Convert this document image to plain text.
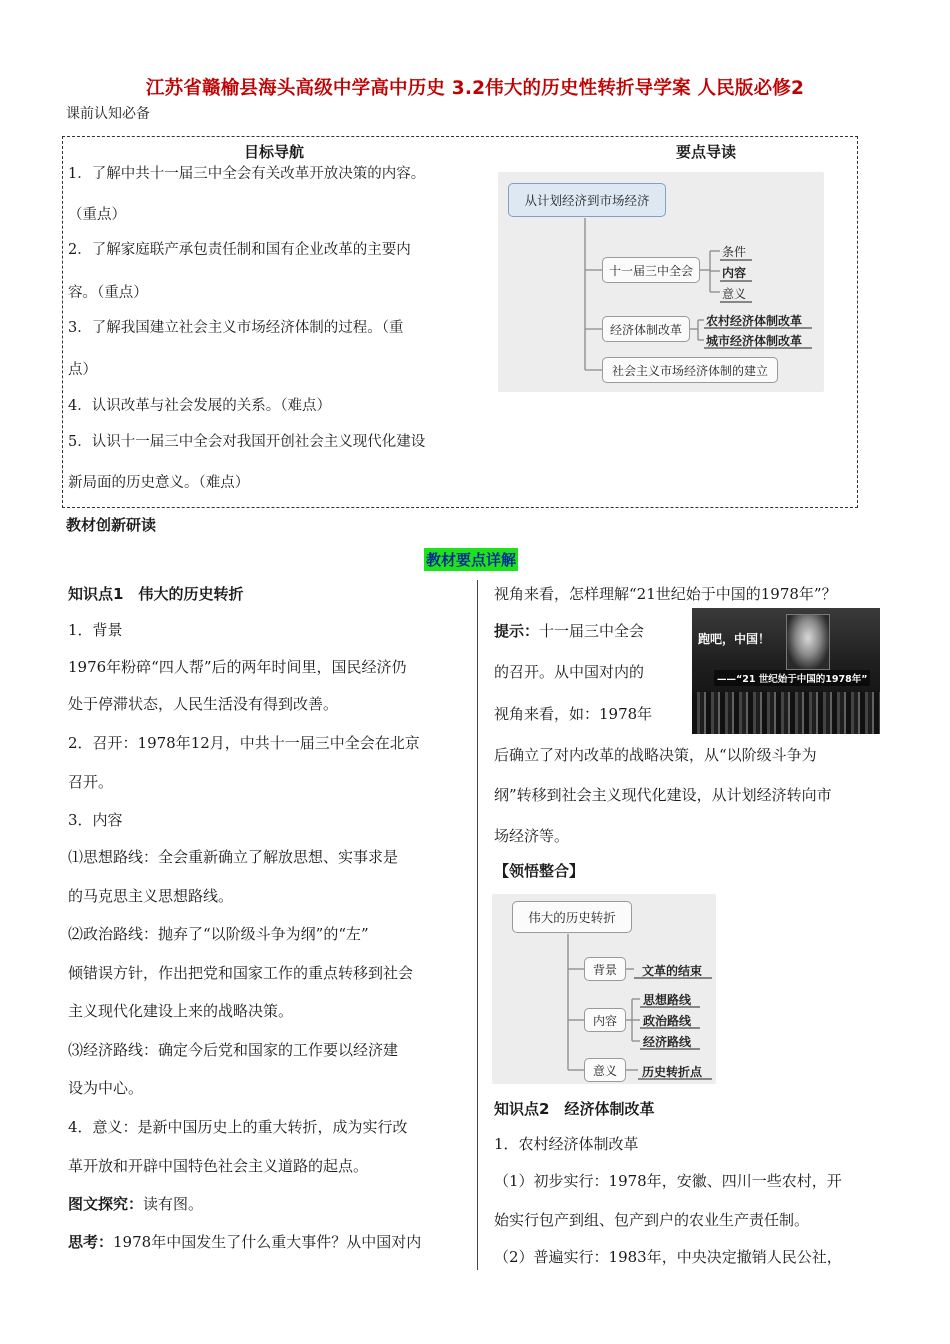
江苏省赣榆县海头高级中学高中历史 3.2伟大的历史性转折导学案 人民版必修2
课前认知必备
目标导航	要点导读
1．了解中共十一届三中全会有关改革开放决策的内容。
（重点）
2．了解家庭联产承包责任制和国有企业改革的主要内
容。（重点）
3．了解我国建立社会主义市场经济体制的过程。（重
点）
4．认识改革与社会发展的关系。（难点）
5．认识十一届三中全会对我国开创社会主义现代化建设
新局面的历史意义。（难点）
从计划经济到市场经济
十一届三中全会
条件
内容
意义
经济体制改革
农村经济体制改革
城市经济体制改革
社会主义市场经济体制的建立
教材创新研读
教材要点详解
知识点1　伟大的历史转折
1．背景
1976年粉碎“四人帮”后的两年时间里，国民经济仍
处于停滞状态，人民生活没有得到改善。
2．召开：1978年12月，中共十一届三中全会在北京
召开。
3．内容
⑴思想路线：全会重新确立了解放思想、实事求是
的马克思主义思想路线。
⑵政治路线：抛弃了“以阶级斗争为纲”的“左”
倾错误方针，作出把党和国家工作的重点转移到社会
主义现代化建设上来的战略决策。
⑶经济路线：确定今后党和国家的工作要以经济建
设为中心。
4．意义：是新中国历史上的重大转折，成为实行改
革开放和开辟中国特色社会主义道路的起点。
图文探究：读有图。
思考：1978年中国发生了什么重大事件？从中国对内
视角来看，怎样理解“21世纪始于中国的1978年”？
提示：十一届三中全会
的召开。从中国对内的
视角来看，如：1978年
后确立了对内改革的战略决策，从“以阶级斗争为
纲”转移到社会主义现代化建设，从计划经济转向市
场经济等。
跑吧，中国！
——“21 世纪始于中国的1978年”
【领悟整合】
伟大的历史转折
背景	文革的结束
内容
思想路线
政治路线
经济路线
意义	历史转折点
知识点2　经济体制改革
1．农村经济体制改革
（1）初步实行：1978年，安徽、四川一些农村，开
始实行包产到组、包产到户的农业生产责任制。
（2）普遍实行：1983年，中央决定撤销人民公社，
